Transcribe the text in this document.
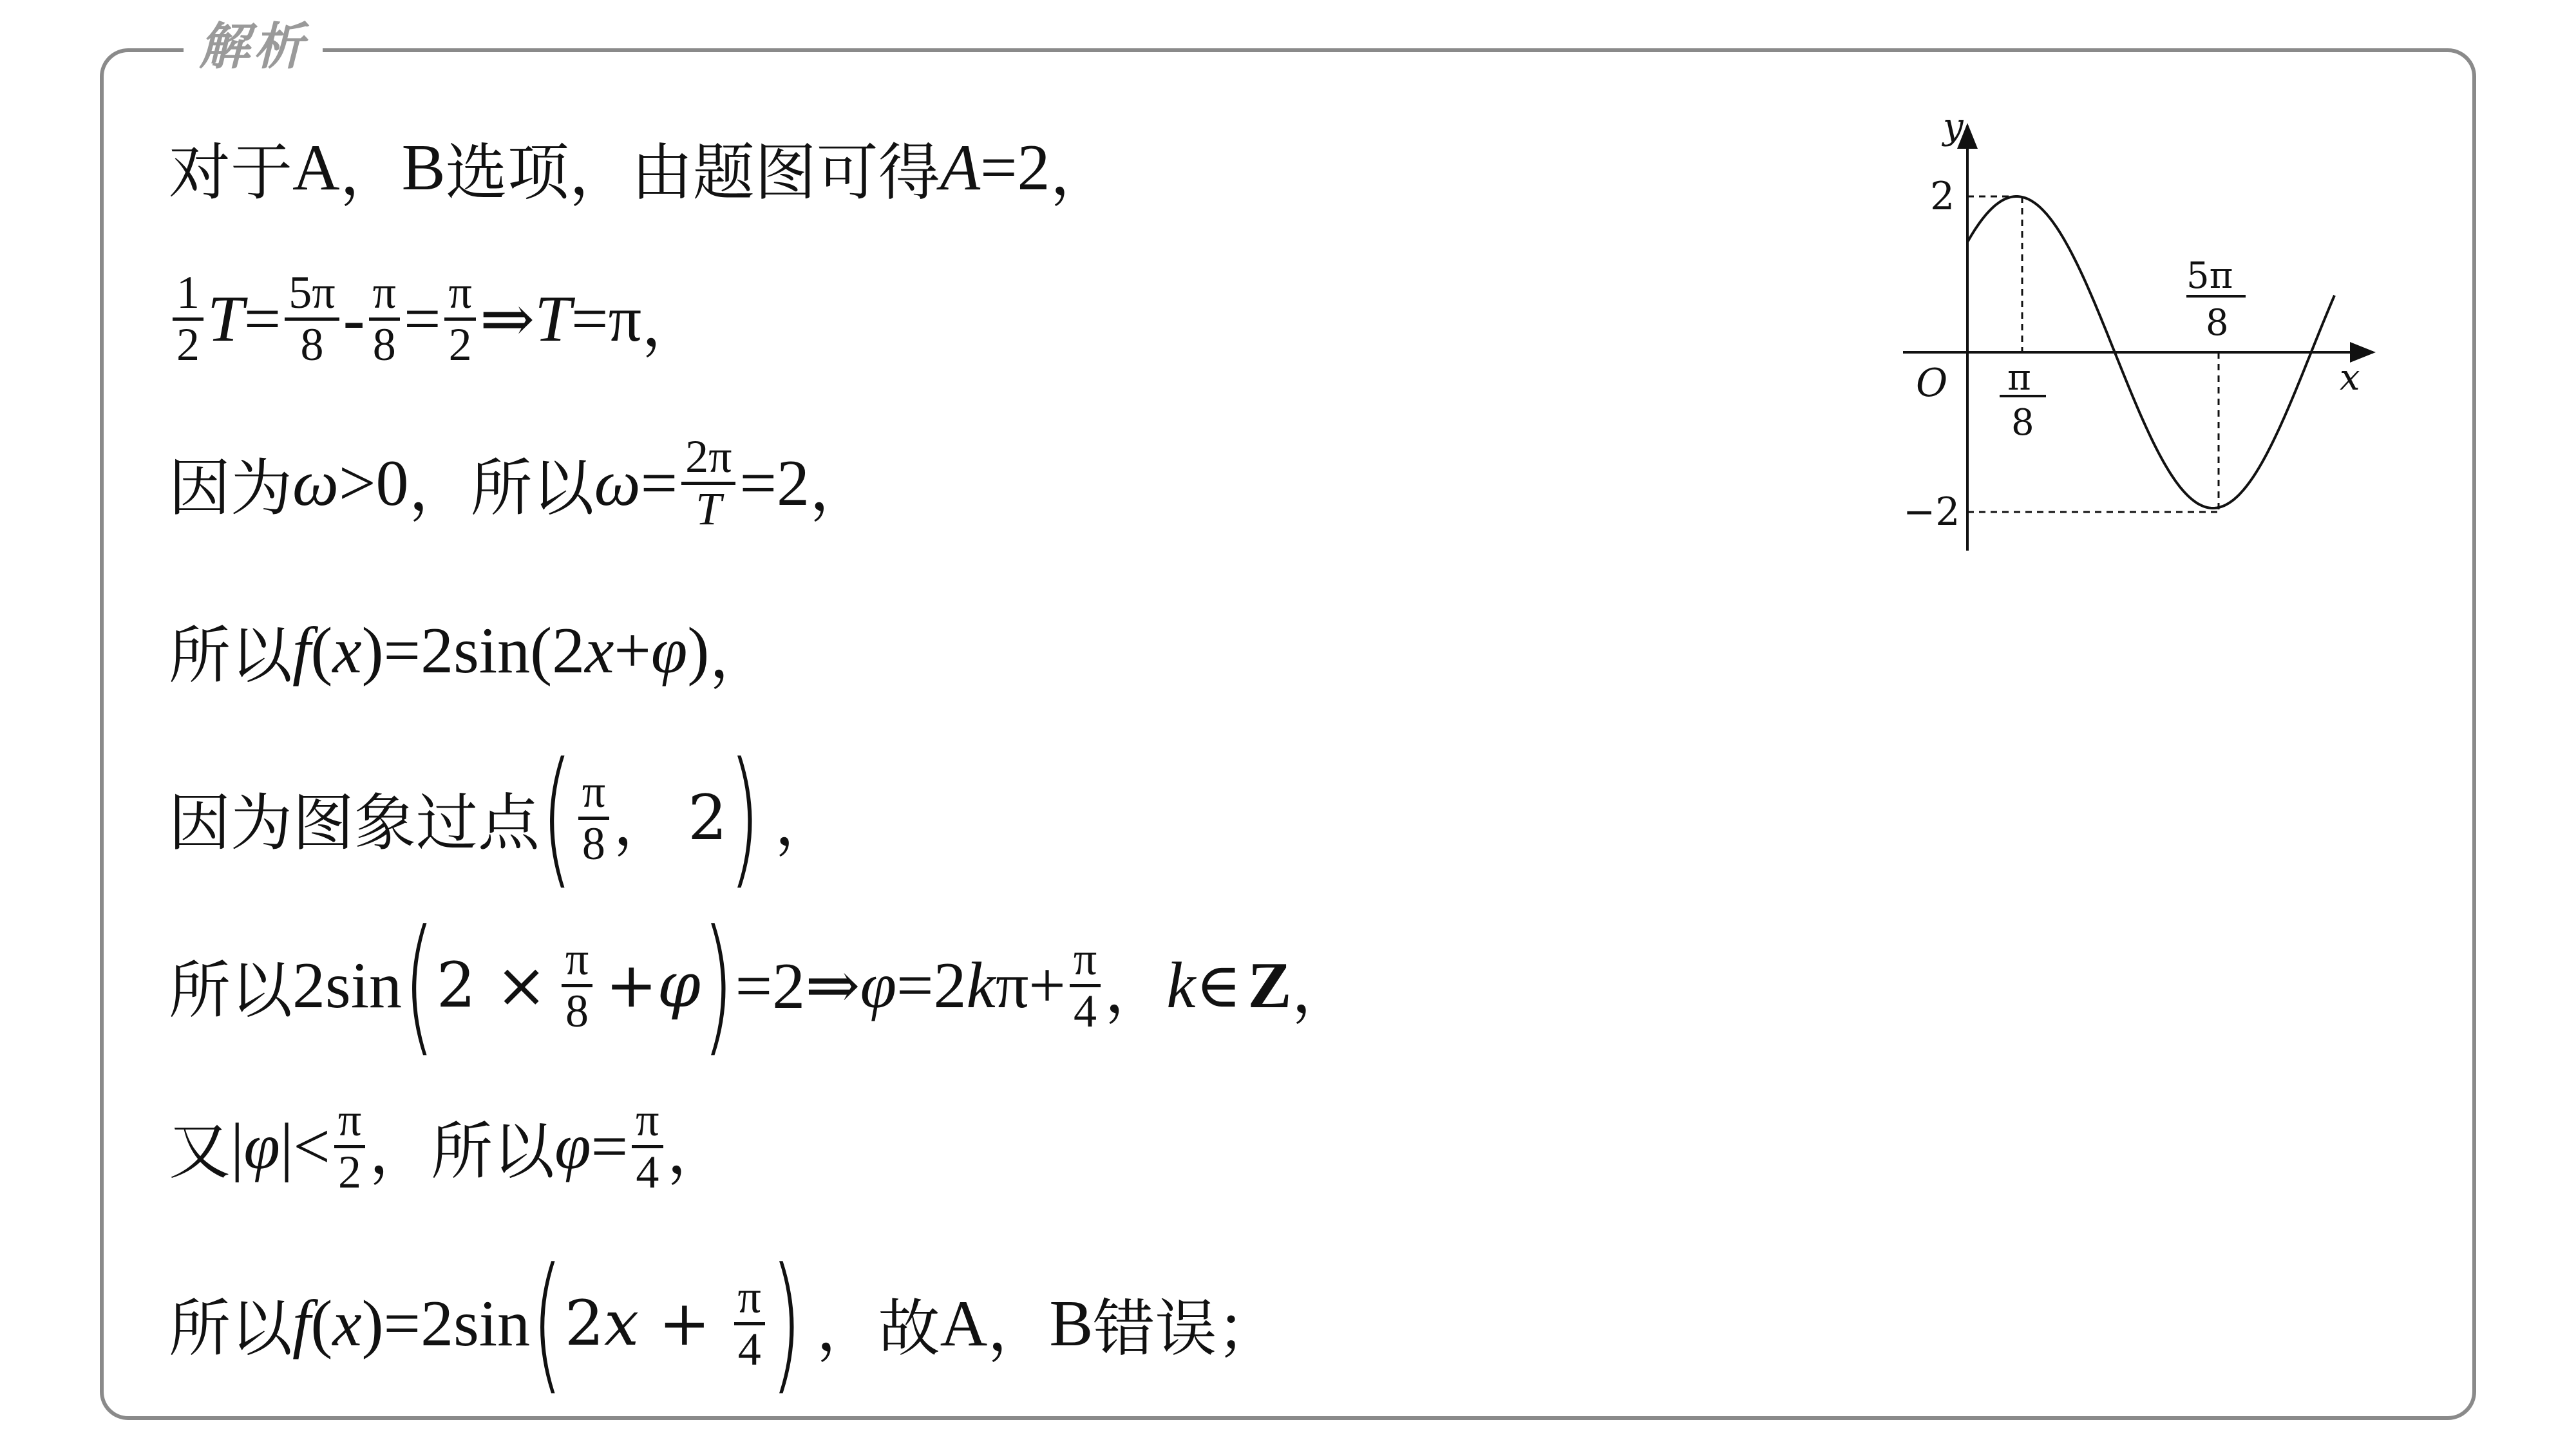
解析
对于 A ， B 选项 ， 由题图可得 A =2 ，
1
2 T = 5π
8 - π
8 = π
2 ⇒ T =π ，
因为 ω >0 ， 所以 ω = 2π
T =2 ，
所以 f ( x )=2sin(2 x + φ ) ，
因为图象过点 ( π
8 ， 2 ) ，
所以 2sin ( 2 × π
8 + φ ) =2⇒ φ =2 k π+ π
4 ， k ∈ Z ，
又 | φ |< π
2 ， 所以 φ = π
4 ，
所以 f ( x )=2sin ( 2 x + π
4 ) ， 故 A ， B 错误 ；
y
x
O
2
−2
π
8
5π
8
